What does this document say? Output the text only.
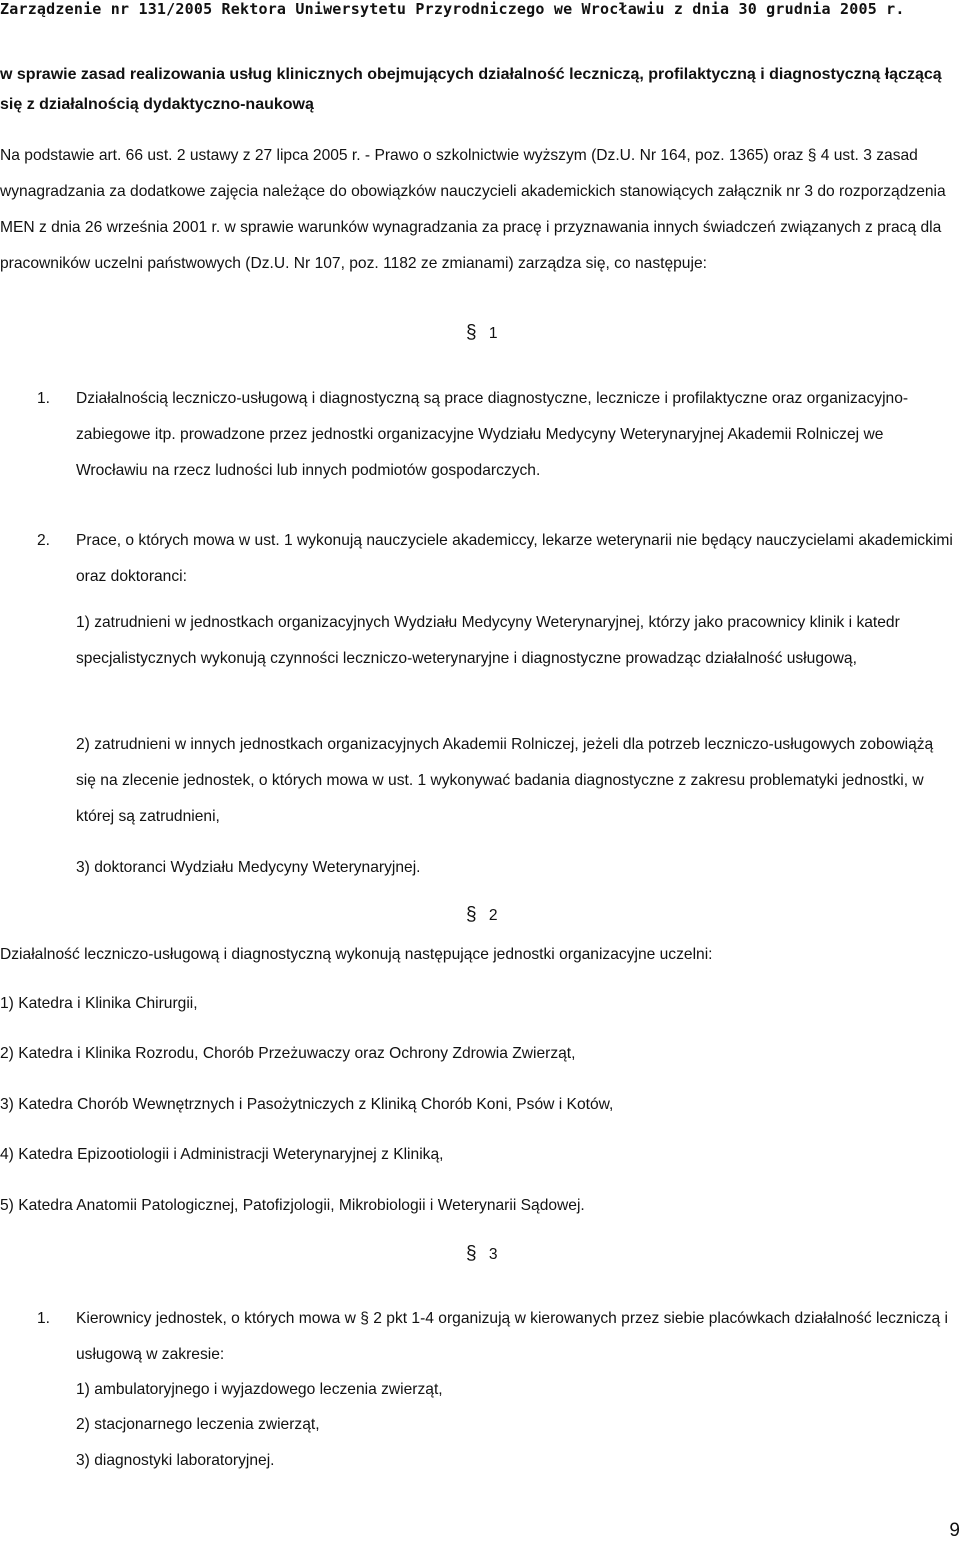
Zarządzenie nr 131/2005 Rektora Uniwersytetu Przyrodniczego we Wrocławiu z dnia 30 grudnia 2005 r.
w sprawie zasad realizowania usług klinicznych obejmujących działalność leczniczą, profilaktyczną i diagnostyczną łączącą się z działalnością dydaktyczno-naukową
Na podstawie art. 66 ust. 2 ustawy z 27 lipca 2005 r. - Prawo o szkolnictwie wyższym (Dz.U. Nr 164, poz. 1365) oraz § 4 ust. 3 zasad wynagradzania za dodatkowe zajęcia należące do obowiązków nauczycieli akademickich stanowiących załącznik nr 3 do rozporządzenia MEN z dnia 26 września 2001 r. w sprawie warunków wynagradzania za pracę i przyznawania innych świadczeń związanych z pracą dla pracowników uczelni państwowych (Dz.U. Nr 107, poz. 1182 ze zmianami) zarządza się, co następuje:
§ 1
1. Działalnością leczniczo-usługową i diagnostyczną są prace diagnostyczne, lecznicze i profilaktyczne oraz organizacyjno-zabiegowe itp. prowadzone przez jednostki organizacyjne Wydziału Medycyny Weterynaryjnej Akademii Rolniczej we Wrocławiu na rzecz ludności lub innych podmiotów gospodarczych.
2. Prace, o których mowa w ust. 1 wykonują nauczyciele akademiccy, lekarze weterynarii nie będący nauczycielami akademickimi oraz doktoranci:
1) zatrudnieni w jednostkach organizacyjnych Wydziału Medycyny Weterynaryjnej, którzy jako pracownicy klinik i katedr specjalistycznych wykonują czynności leczniczo-weterynaryjne i diagnostyczne prowadząc działalność usługową,
2) zatrudnieni w innych jednostkach organizacyjnych Akademii Rolniczej, jeżeli dla potrzeb leczniczo-usługowych zobowiążą się na zlecenie jednostek, o których mowa w ust. 1 wykonywać badania diagnostyczne z zakresu problematyki jednostki, w której są zatrudnieni,
3) doktoranci Wydziału Medycyny Weterynaryjnej.
§ 2
Działalność leczniczo-usługową i diagnostyczną wykonują następujące jednostki organizacyjne uczelni:
1) Katedra i Klinika Chirurgii,
2) Katedra i Klinika Rozrodu, Chorób Przeżuwaczy oraz Ochrony Zdrowia Zwierząt,
3) Katedra Chorób Wewnętrznych i Pasożytniczych z Kliniką Chorób Koni, Psów i Kotów,
4) Katedra Epizootiologii i Administracji Weterynaryjnej z Kliniką,
5) Katedra Anatomii Patologicznej, Patofizjologii, Mikrobiologii i Weterynarii Sądowej.
§ 3
1. Kierownicy jednostek, o których mowa w § 2 pkt 1-4 organizują w kierowanych przez siebie placówkach działalność leczniczą i usługową w zakresie:
1) ambulatoryjnego i wyjazdowego leczenia zwierząt,
2) stacjonarnego leczenia zwierząt,
3) diagnostyki laboratoryjnej.
9
